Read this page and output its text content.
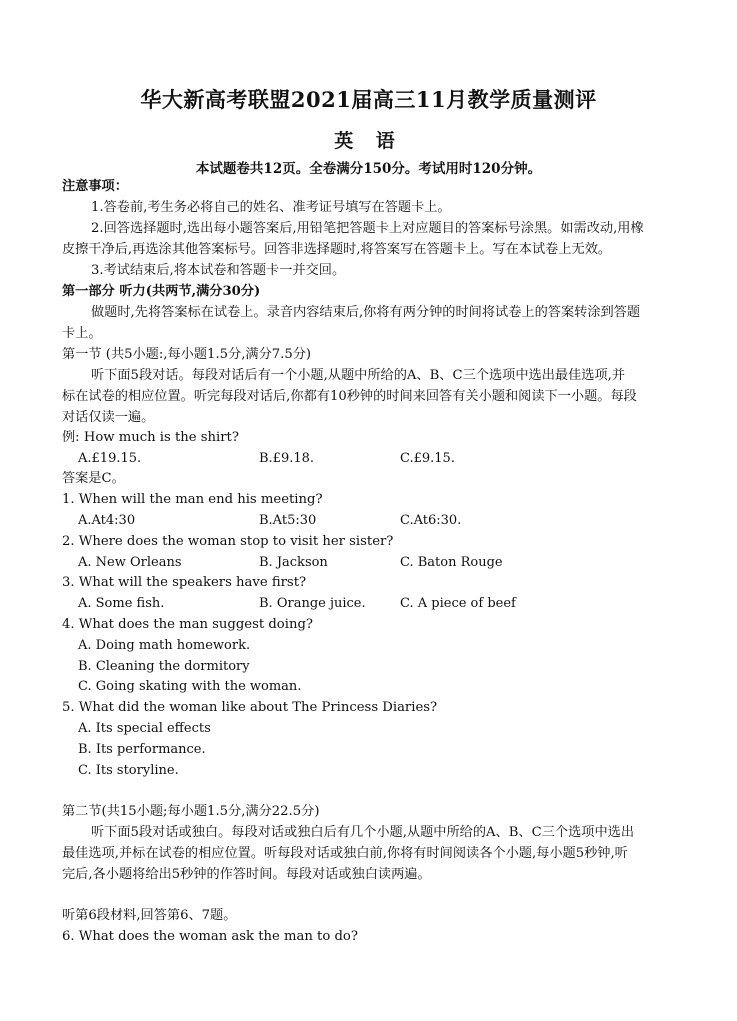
华大新高考联盟2021届高三11月教学质量测评
英 语
本试题卷共12页。全卷满分150分。考试用时120分钟。
注意事项：
1.答卷前,考生务必将自己的姓名、准考证号填写在答题卡上。
2.回答选择题时,选出每小题答案后,用铅笔把答题卡上对应题目的答案标号涂黑。如需改动,用橡
皮擦干净后,再选涂其他答案标号。回答非选择题时,将答案写在答题卡上。写在本试卷上无效。
3.考试结束后,将本试卷和答题卡一并交回。
第一部分 听力(共两节,满分30分)
做题时,先将答案标在试卷上。录音内容结束后,你将有两分钟的时间将试卷上的答案转涂到答题
卡上。
第一节 (共5小题:,每小题1.5分,满分7.5分)
听下面5段对话。每段对话后有一个小题,从题中所给的A、B、C三个选项中选出最佳选项,并
标在试卷的相应位置。听完每段对话后,你都有10秒钟的时间来回答有关小题和阅读下一小题。每段
对话仅读一遍。
例: How much is the shirt?
A.£19.15.	B.£9.18.	C.£9.15.
答案是C。
1. When will the man end his meeting?
A.At4:30	B.At5:30	C.At6:30.
2. Where does the woman stop to visit her sister?
A. New Orleans	B. Jackson	C. Baton Rouge
3. What will the speakers have first?
A. Some fish.	B. Orange juice.	C. A piece of beef
4. What does the man suggest doing?
A. Doing math homework.
B. Cleaning the dormitory
C. Going skating with the woman.
5. What did the woman like about The Princess Diaries?
A. Its special effects
B. Its performance.
C. Its storyline.
第二节(共15小题;每小题1.5分,满分22.5分)
听下面5段对话或独白。每段对话或独白后有几个小题,从题中所给的A、B、C三个选项中选出
最佳选项,并标在试卷的相应位置。听每段对话或独白前,你将有时间阅读各个小题,每小题5秒钟,听
完后,各小题将给出5秒钟的作答时间。每段对话或独白读两遍。
听第6段材料,回答第6、7题。
6. What does the woman ask the man to do?
